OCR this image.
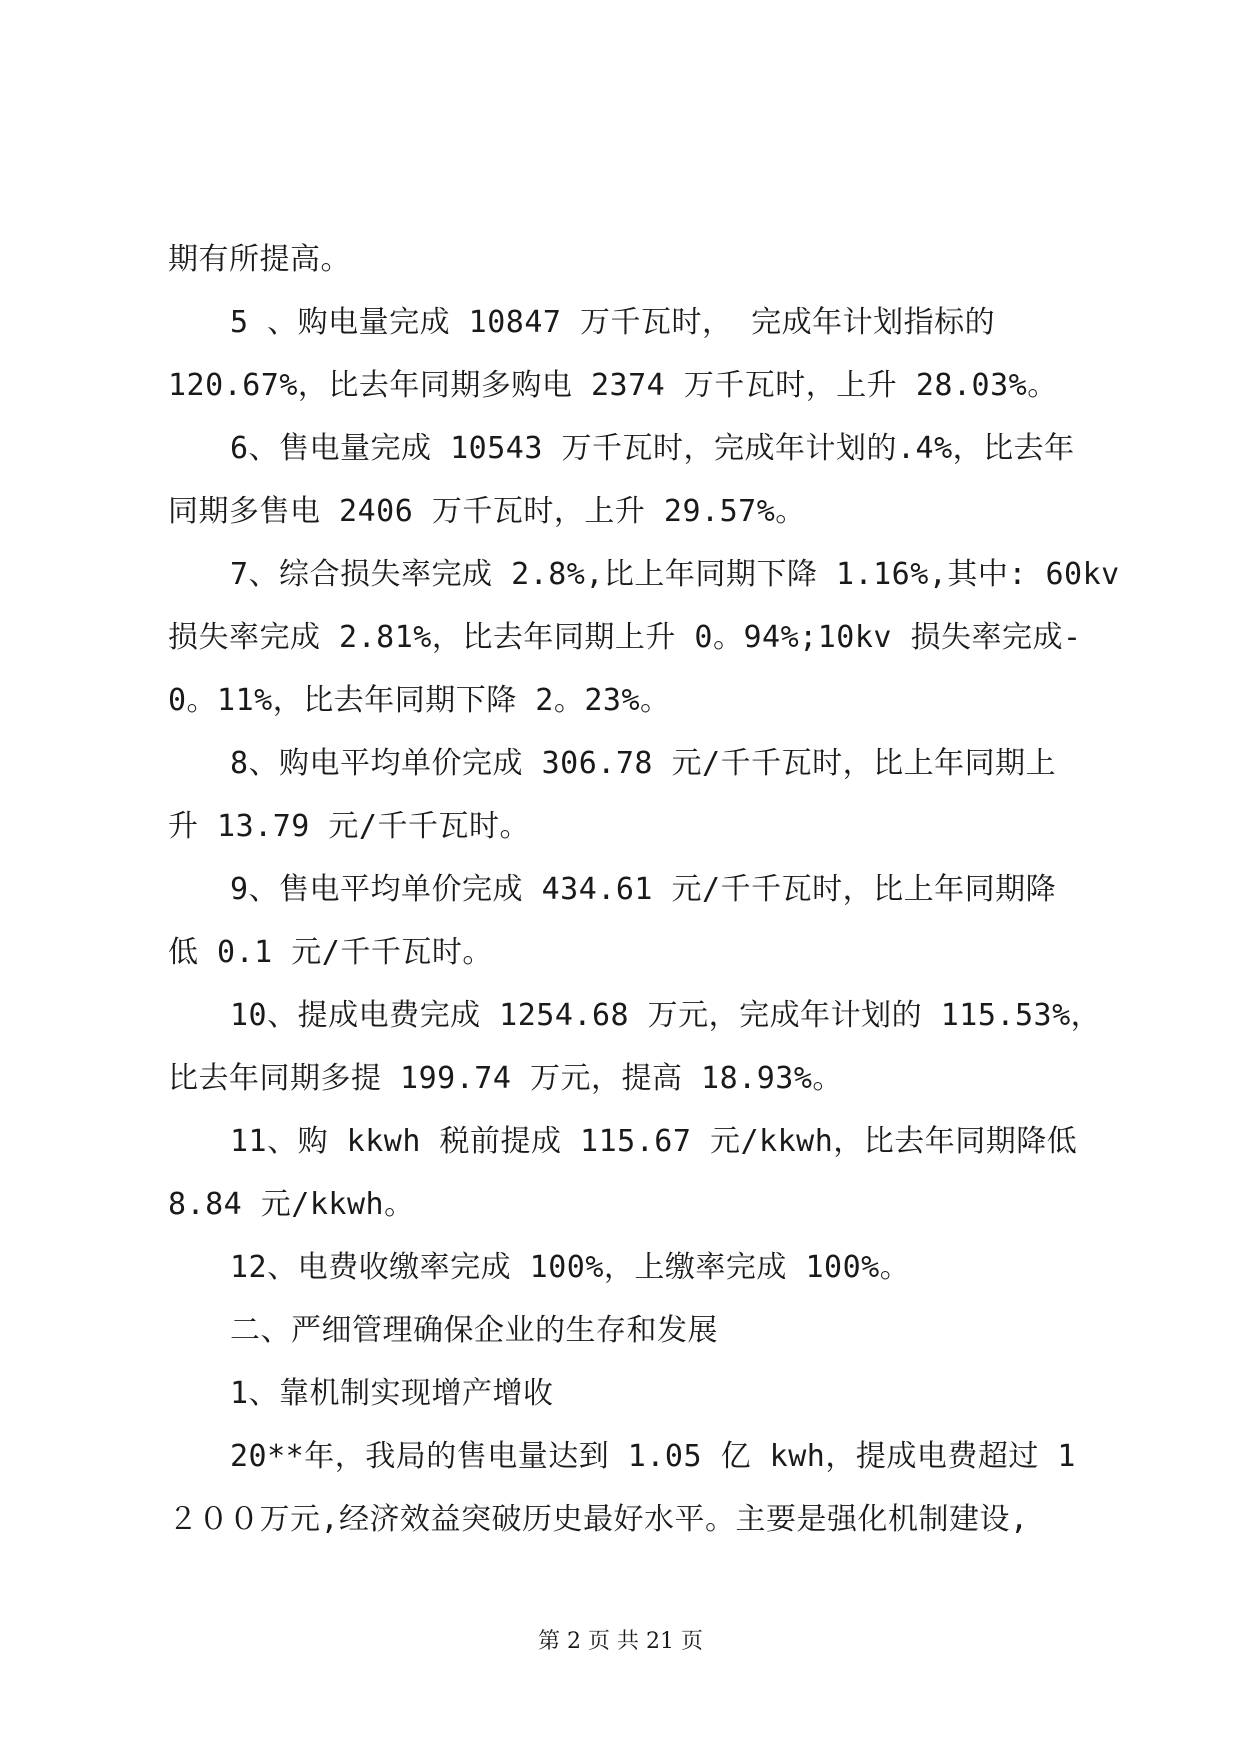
期有所提高。
5 、购电量完成 10847 万千瓦时， 完成年计划指标的
120.67%，比去年同期多购电 2374 万千瓦时，上升 28.03%。
6、售电量完成 10543 万千瓦时，完成年计划的.4%，比去年
同期多售电 2406 万千瓦时，上升 29.57%。
7、综合损失率完成 2.8%,比上年同期下降 1.16%,其中: 60kv
损失率完成 2.81%，比去年同期上升 0。94%;10kv 损失率完成-
0。11%，比去年同期下降 2。23%。
8、购电平均单价完成 306.78 元/千千瓦时，比上年同期上
升 13.79 元/千千瓦时。
9、售电平均单价完成 434.61 元/千千瓦时，比上年同期降
低 0.1 元/千千瓦时。
10、提成电费完成 1254.68 万元，完成年计划的 115.53%，
比去年同期多提 199.74 万元，提高 18.93%。
11、购 kkwh 税前提成 115.67 元/kkwh，比去年同期降低
8.84 元/kkwh。
12、电费收缴率完成 100%，上缴率完成 100%。
二、严细管理确保企业的生存和发展
1、靠机制实现增产增收
20**年，我局的售电量达到 1.05 亿 kwh，提成电费超过 1
２００万元,经济效益突破历史最好水平。主要是强化机制建设,
第 2 页 共 21 页
